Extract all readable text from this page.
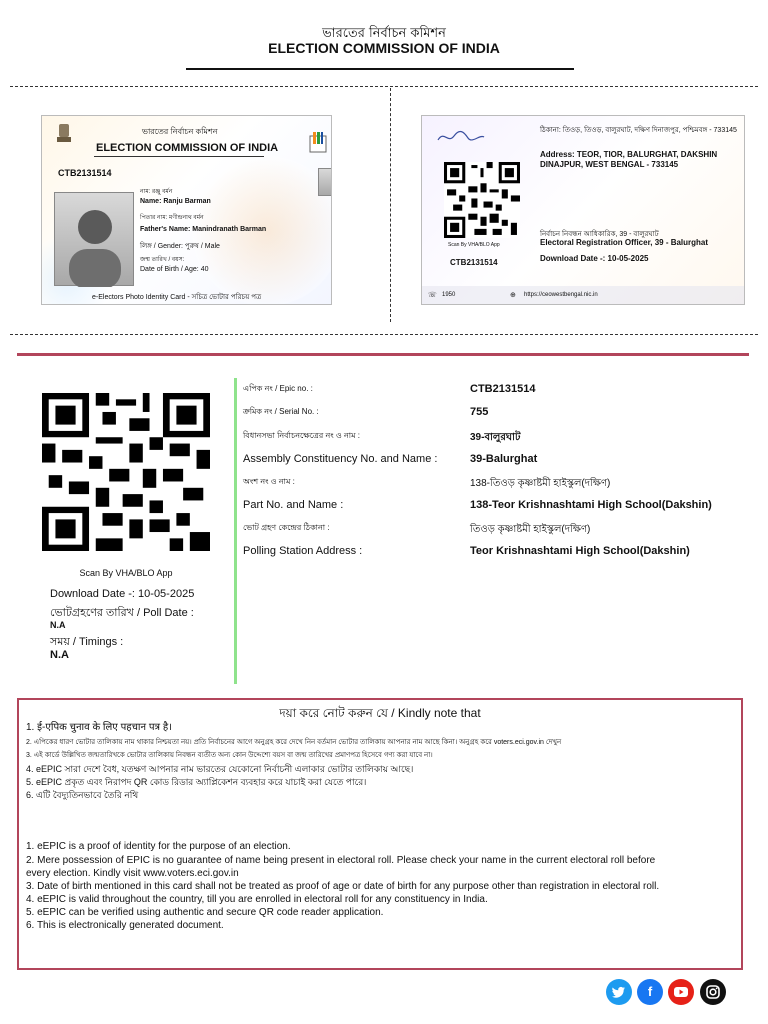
ভারতের নির্বাচন কমিশন
ELECTION COMMISSION OF INDIA
ভারতের নির্বাচন কমিশন
ELECTION COMMISSION OF INDIA
CTB2131514
নাম: রঞ্জু বর্মন
Name: Ranju Barman
পিতার নাম: মণীন্দ্রনাথ বর্মন
Father's Name: Manindranath Barman
লিঙ্গ / Gender: পুরুষ / Male
জন্ম তারিখ / বয়স:
Date of Birth / Age: 40
e-Electors Photo Identity Card - সচিত্র ভোটার পরিচয় পত্র
ঠিকানা: তিওড়, তিওড়, বালুরঘাট, দক্ষিণ দিনাজপুর, পশ্চিমবঙ্গ - 733145
Address: TEOR, TIOR, BALURGHAT, DAKSHIN DINAJPUR, WEST BENGAL - 733145
Scan By VHA/BLO App
নির্বাচন নিবন্ধন আধিকারিক, 39 - বালুরঘাট
Electoral Registration Officer, 39 - Balurghat
Download Date -: 10-05-2025
CTB2131514
☏ 1950	⊕ https://ceowestbengal.nic.in
Scan By VHA/BLO App
Download Date -: 10-05-2025
ভোটগ্রহণের তারিখ / Poll Date :
N.A
সময় / Timings :
N.A
এপিক নং / Epic no. :	CTB2131514
ক্রমিক নং / Serial No. :	755
বিধানসভা নির্বাচনক্ষেত্রের নং ও নাম :	39-বালুরঘাট
Assembly Constituency No. and Name :	39-Balurghat
অংশ নং ও নাম :	138-তিওড় কৃষ্ণাষ্টমী হাইস্কুল(দক্ষিণ)
Part No. and Name :	138-Teor Krishnashtami High School(Dakshin)
ভোট গ্রহণ কেন্দ্রের ঠিকানা :	তিওড় কৃষ্ণাষ্টমী হাইস্কুল(দক্ষিণ)
Polling Station Address :	Teor Krishnashtami High School(Dakshin)
দয়া করে নোট করুন যে / Kindly note that
1. ई-एपिक चुनाव के लिए पहचान पत्र है।
2. এপিকের ধারণ ভোটার তালিকায় নাম থাকার নিশ্চয়তা নয়। প্রতি নির্বাচনের আগে অনুগ্রহ করে দেখে নিন বর্তমান ভোটার তালিকায় আপনার নাম আছে কিনা। অনুগ্রহ করে voters.eci.gov.in দেখুন
3. এই কার্ডে উল্লিখিত জন্মতারিখকে ভোটার তালিকায় নিবন্ধন ব্যতীত অন্য কোন উদ্দেশ্যে বয়স বা জন্ম তারিখের প্রমাণপত্র হিসেবে গণ্য করা যাবে না।
4. eEPIC সারা দেশে বৈধ, যতক্ষণ আপনার নাম ভারতের যেকোনো নির্বাচনী এলাকার ভোটার তালিকায় আছে।
5. eEPIC প্রকৃত এবং নিরাপদ QR কোড রিডার অ্যাপ্লিকেশন ব্যবহার করে যাচাই করা যেতে পারে।
6. এটি বৈদ্যুতিনভাবে তৈরি নথি
1. eEPIC is a proof of identity for the purpose of an election.
2. Mere possession of EPIC is no guarantee of name being present in electoral roll. Please check your name in the current electoral roll before
every election. Kindly visit www.voters.eci.gov.in
3. Date of birth mentioned in this card shall not be treated as proof of age or date of birth for any purpose other than registration in electoral roll.
4. eEPIC is valid throughout the country, till you are enrolled in electoral roll for any constituency in India.
5. eEPIC can be verified using authentic and secure QR code reader application.
6. This is electronically generated document.
f
